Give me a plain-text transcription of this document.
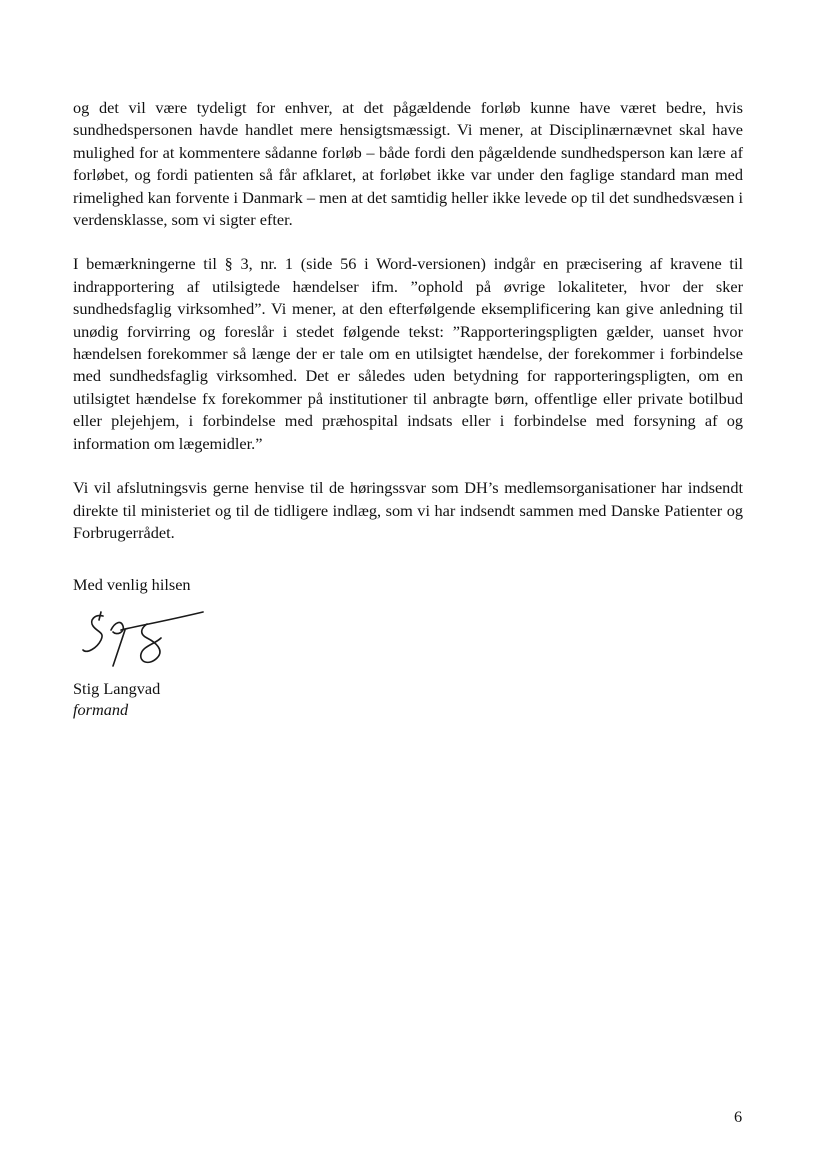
og det vil være tydeligt for enhver, at det pågældende forløb kunne have været bedre, hvis sundhedspersonen havde handlet mere hensigtsmæssigt. Vi mener, at Disciplinærnævnet skal have mulighed for at kommentere sådanne forløb – både fordi den pågældende sundhedsperson kan lære af forløbet, og fordi patienten så får afklaret, at forløbet ikke var under den faglige standard man med rimelighed kan forvente i Danmark – men at det samtidig heller ikke levede op til det sundhedsvæsen i verdensklasse, som vi sigter efter.

I bemærkningerne til § 3, nr. 1 (side 56 i Word-versionen) indgår en præcisering af kravene til indrapportering af utilsigtede hændelser ifm. ”ophold på øvrige lokaliteter, hvor der sker sundhedsfaglig virksomhed”. Vi mener, at den efterfølgende eksemplificering kan give anledning til unødig forvirring og foreslår i stedet følgende tekst: ”Rapporteringspligten gælder, uanset hvor hændelsen forekommer så længe der er tale om en utilsigtet hændelse, der forekommer i forbindelse med sundhedsfaglig virksomhed. Det er således uden betydning for rapporteringspligten, om en utilsigtet hændelse fx forekommer på institutioner til anbragte børn, offentlige eller private botilbud eller plejehjem, i forbindelse med præhospital indsats eller i forbindelse med forsyning af og information om lægemidler.”

Vi vil afslutningsvis gerne henvise til de høringssvar som DH’s medlemsorganisationer har indsendt direkte til ministeriet og til de tidligere indlæg, som vi har indsendt sammen med Danske Patienter og Forbrugerrådet.

Med venlig hilsen

Stig Langvad

formand

6
